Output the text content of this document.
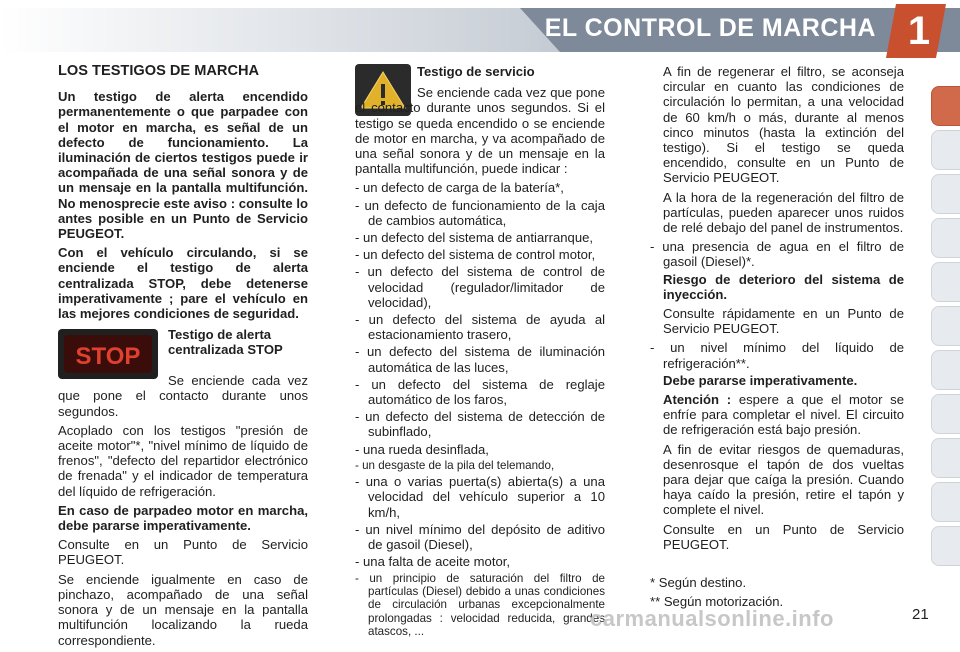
EL CONTROL DE MARCHA 1

LOS TESTIGOS DE MARCHA

Un testigo de alerta encendido permanentemente o que parpadee con el motor en marcha, es señal de un defecto de funcionamiento. La iluminación de ciertos testigos puede ir acompañada de una señal sonora y de un mensaje en la pantalla multifunción. No menosprecie este aviso : consulte lo antes posible en un Punto de Servicio PEUGEOT.

Con el vehículo circulando, si se enciende el testigo de alerta centralizada STOP, debe detenerse imperativamente ; pare el vehículo en las mejores condiciones de seguridad.

STOP

Testigo de alerta centralizada STOP

Se enciende cada vez que pone el contacto durante unos segundos.

Acoplado con los testigos "presión de aceite motor"*, "nivel mínimo de líquido de frenos", "defecto del repartidor electrónico de frenada" y el indicador de temperatura del líquido de refrigeración.

En caso de parpadeo motor en marcha, debe pararse imperativamente.

Consulte en un Punto de Servicio PEUGEOT.

Se enciende igualmente en caso de pinchazo, acompañado de una señal sonora y de un mensaje en la pantalla multifunción localizando la rueda correspondiente.

Testigo de servicio

Se enciende cada vez que pone el contacto durante unos segundos. Si el testigo se queda encendido o se enciende de motor en marcha, y va acompañado de una señal sonora y de un mensaje en la pantalla multifunción, puede indicar :

- un defecto de carga de la batería*,

- un defecto de funcionamiento de la caja de cambios automática,

- un defecto del sistema de antiarranque,

- un defecto del sistema de control motor,

- un defecto del sistema de control de velocidad (regulador/limitador de velocidad),

- un defecto del sistema de ayuda al estacionamiento trasero,

- un defecto del sistema de iluminación automática de las luces,

- un defecto del sistema de reglaje automático de los faros,

- un defecto del sistema de detección de subinflado,

- una rueda desinflada,

- un desgaste de la pila del telemando,

- una o varias puerta(s) abierta(s) a una velocidad del vehículo superior a 10 km/h,

- un nivel mínimo del depósito de aditivo de gasoil (Diesel),

- una falta de aceite motor,

- un principio de saturación del filtro de partículas (Diesel) debido a unas condiciones de circulación urbanas excepcionalmente prolongadas : velocidad reducida, grandes atascos, ...

A fin de regenerar el filtro, se aconseja circular en cuanto las condiciones de circulación lo permitan, a una velocidad de 60 km/h o más, durante al menos cinco minutos (hasta la extinción del testigo). Si el testigo se queda encendido, consulte en un Punto de Servicio PEUGEOT.

A la hora de la regeneración del filtro de partículas, pueden aparecer unos ruidos de relé debajo del panel de instrumentos.

- una presencia de agua en el filtro de gasoil (Diesel)*.

Riesgo de deterioro del sistema de inyección.

Consulte rápidamente en un Punto de Servicio PEUGEOT.

- un nivel mínimo del líquido de refrigeración**.

Debe pararse imperativamente.

Atención : espere a que el motor se enfríe para completar el nivel. El circuito de refrigeración está bajo presión.

A fin de evitar riesgos de quemaduras, desenrosque el tapón de dos vueltas para dejar que caíga la presión. Cuando haya caído la presión, retire el tapón y complete el nivel.

Consulte en un Punto de Servicio PEUGEOT.

* Según destino.
** Según motorización.
carmanualsonline.info	21
